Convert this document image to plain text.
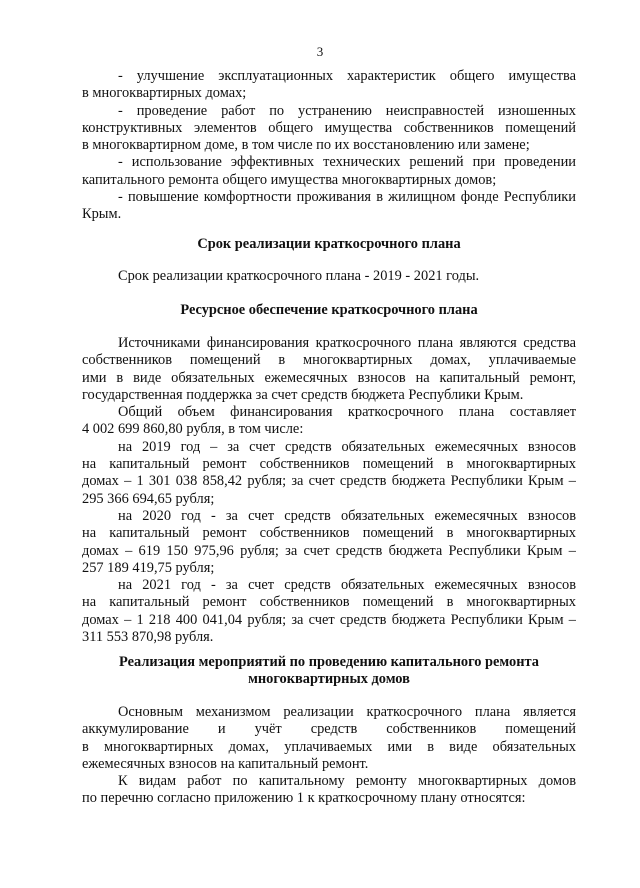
3
- улучшение эксплуатационных характеристик общего имущества
в многоквартирных домах;
- проведение работ по устранению неисправностей изношенных
конструктивных элементов общего имущества собственников помещений
в многоквартирном доме, в том числе по их восстановлению или замене;
- использование эффективных технических решений при проведении
капитального ремонта общего имущества многоквартирных домов;
- повышение комфортности проживания в жилищном фонде Республики
Крым.
Срок реализации краткосрочного плана
Срок реализации краткосрочного плана - 2019 - 2021 годы.
Ресурсное обеспечение краткосрочного плана
Источниками финансирования краткосрочного плана являются средства
собственников помещений в многоквартирных домах, уплачиваемые
ими в виде обязательных ежемесячных взносов на капитальный ремонт,
государственная поддержка за счет средств бюджета Республики Крым.
Общий объем финансирования краткосрочного плана составляет
4 002 699 860,80 рубля, в том числе:
на 2019 год – за счет средств обязательных ежемесячных взносов
на капитальный ремонт собственников помещений в многоквартирных
домах – 1 301 038 858,42 рубля; за счет средств бюджета Республики Крым –
295 366 694,65 рубля;
на 2020 год - за счет средств обязательных ежемесячных взносов
на капитальный ремонт собственников помещений в многоквартирных
домах – 619 150 975,96 рубля; за счет средств бюджета Республики Крым –
257 189 419,75 рубля;
на 2021 год - за счет средств обязательных ежемесячных взносов
на капитальный ремонт собственников помещений в многоквартирных
домах – 1 218 400 041,04 рубля; за счет средств бюджета Республики Крым –
311 553 870,98 рубля.
Реализация мероприятий по проведению капитального ремонта
многоквартирных домов
Основным механизмом реализации краткосрочного плана является
аккумулирование и учёт средств собственников помещений
в многоквартирных домах, уплачиваемых ими в виде обязательных
ежемесячных взносов на капитальный ремонт.
К видам работ по капитальному ремонту многоквартирных домов
по перечню согласно приложению 1 к краткосрочному плану относятся:
